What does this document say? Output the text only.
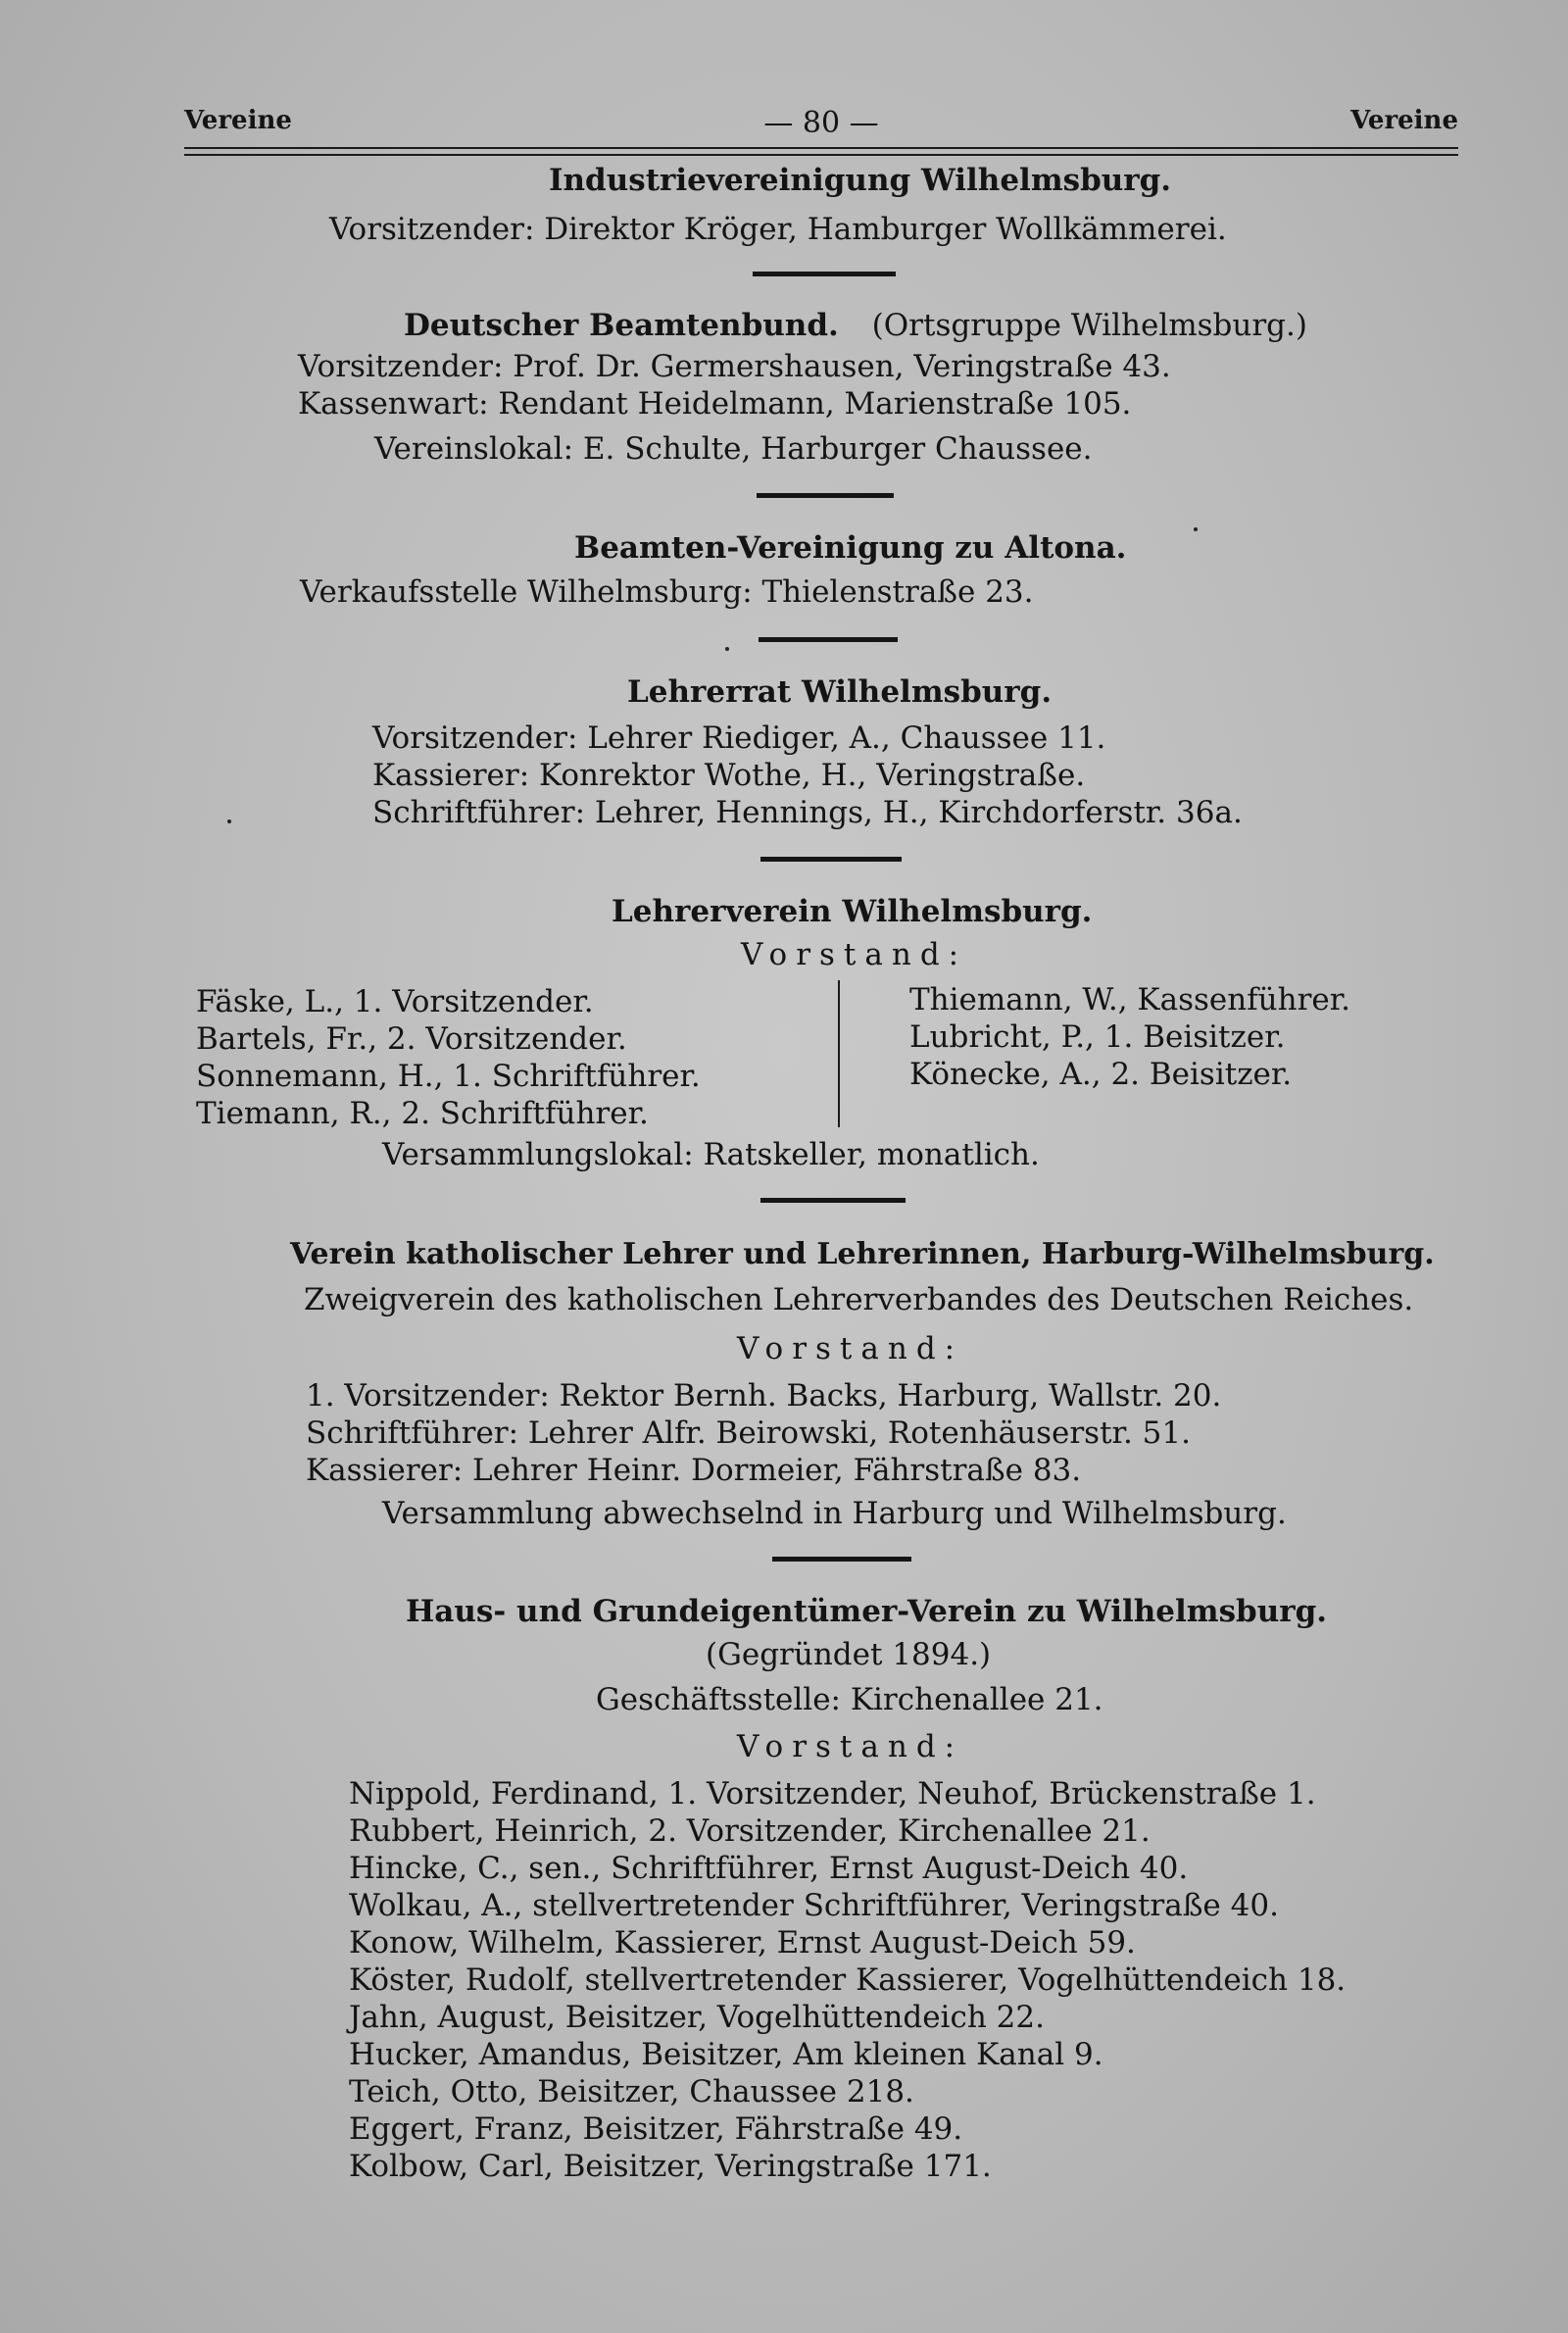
Vereine	— 80 —	Vereine
Industrievereinigung Wilhelmsburg.
Vorsitzender: Direktor Kröger, Hamburger Wollkämmerei.
Deutscher Beamtenbund. (Ortsgruppe Wilhelmsburg.)
Vorsitzender: Prof. Dr. Germershausen, Veringstraße 43.
Kassenwart: Rendant Heidelmann, Marienstraße 105.
Vereinslokal: E. Schulte, Harburger Chaussee.
Beamten-Vereinigung zu Altona.
Verkaufsstelle Wilhelmsburg: Thielenstraße 23.
Lehrerrat Wilhelmsburg.
Vorsitzender: Lehrer Riediger, A., Chaussee 11.
Kassierer: Konrektor Wothe, H., Veringstraße.
Schriftführer: Lehrer, Hennings, H., Kirchdorferstr. 36a.
Lehrerverein Wilhelmsburg.
Vorstand:
Fäske, L., 1. Vorsitzender.
Bartels, Fr., 2. Vorsitzender.
Sonnemann, H., 1. Schriftführer.
Tiemann, R., 2. Schriftführer.
Thiemann, W., Kassenführer.
Lubricht, P., 1. Beisitzer.
Könecke, A., 2. Beisitzer.
Versammlungslokal: Ratskeller, monatlich.
Verein katholischer Lehrer und Lehrerinnen, Harburg-Wilhelmsburg.
Zweigverein des katholischen Lehrerverbandes des Deutschen Reiches.
Vorstand:
1. Vorsitzender: Rektor Bernh. Backs, Harburg, Wallstr. 20.
Schriftführer: Lehrer Alfr. Beirowski, Rotenhäuserstr. 51.
Kassierer: Lehrer Heinr. Dormeier, Fährstraße 83.
Versammlung abwechselnd in Harburg und Wilhelmsburg.
Haus- und Grundeigentümer-Verein zu Wilhelmsburg.
(Gegründet 1894.)
Geschäftsstelle: Kirchenallee 21.
Vorstand:
Nippold, Ferdinand, 1. Vorsitzender, Neuhof, Brückenstraße 1.
Rubbert, Heinrich, 2. Vorsitzender, Kirchenallee 21.
Hincke, C., sen., Schriftführer, Ernst August-Deich 40.
Wolkau, A., stellvertretender Schriftführer, Veringstraße 40.
Konow, Wilhelm, Kassierer, Ernst August-Deich 59.
Köster, Rudolf, stellvertretender Kassierer, Vogelhüttendeich 18.
Jahn, August, Beisitzer, Vogelhüttendeich 22.
Hucker, Amandus, Beisitzer, Am kleinen Kanal 9.
Teich, Otto, Beisitzer, Chaussee 218.
Eggert, Franz, Beisitzer, Fährstraße 49.
Kolbow, Carl, Beisitzer, Veringstraße 171.
